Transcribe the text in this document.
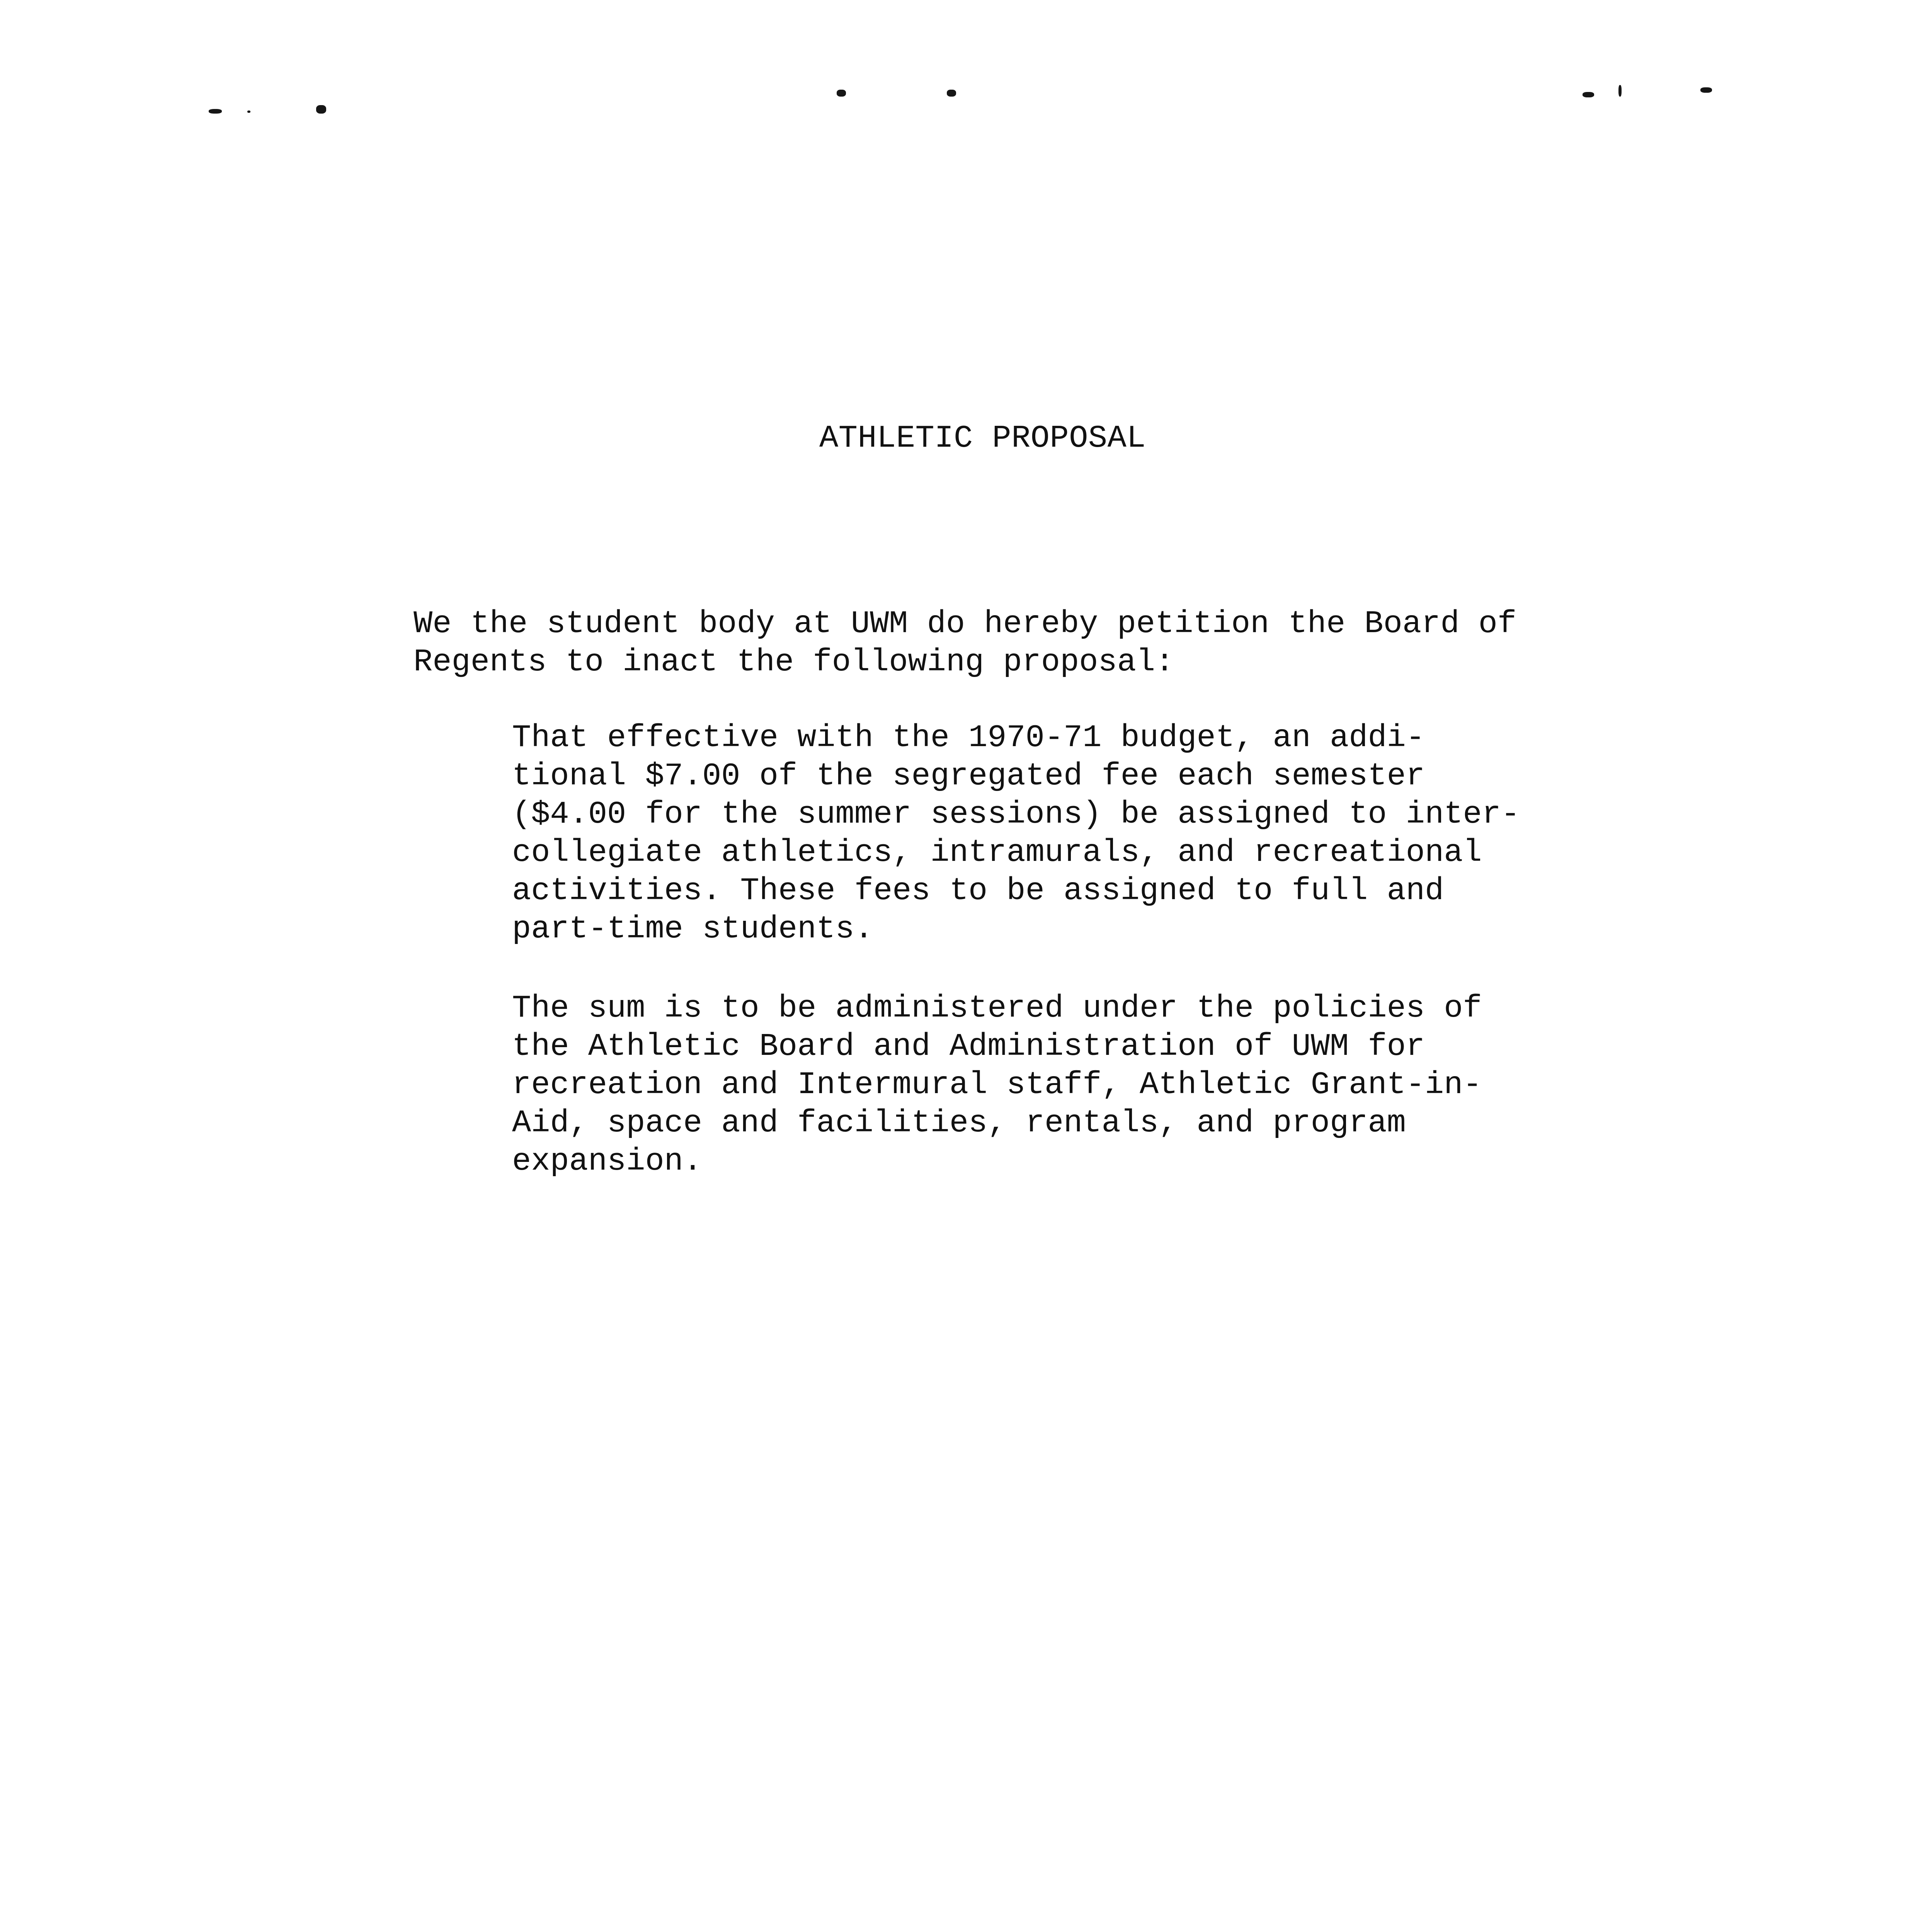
ATHLETIC PROPOSAL
We the student body at UWM do hereby petition the Board of
Regents to inact the following proposal:
That effective with the 1970-71 budget, an addi-
tional $7.00 of the segregated fee each semester
($4.00 for the summer sessions) be assigned to inter-
collegiate athletics, intramurals, and recreational
activities. These fees to be assigned to full and
part-time students.
The sum is to be administered under the policies of
the Athletic Board and Administration of UWM for
recreation and Intermural staff, Athletic Grant-in-
Aid, space and facilities, rentals, and program
expansion.
